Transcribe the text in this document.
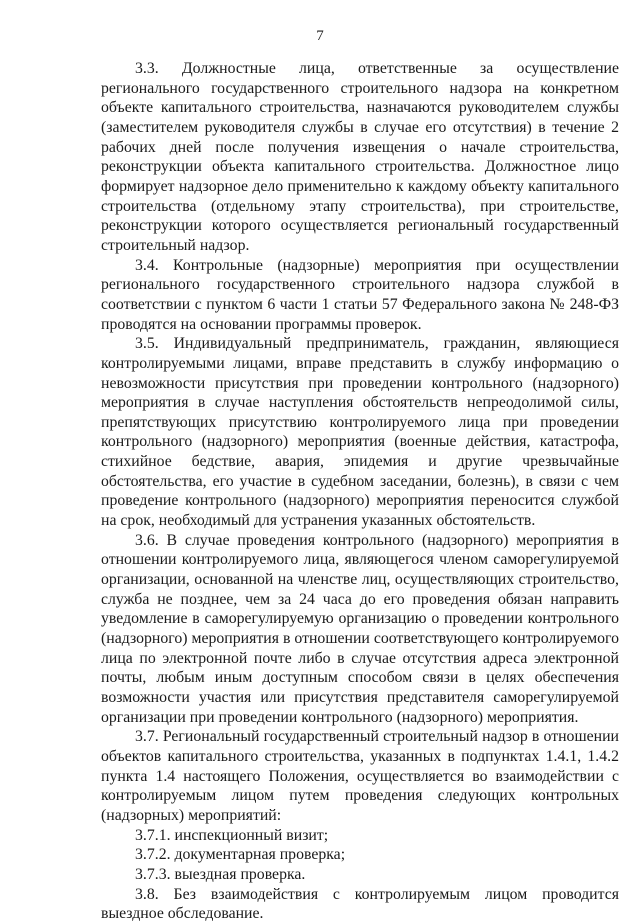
7

3.3. Должностные лица, ответственные за осуществление регионального государственного строительного надзора на конкретном объекте капитального строительства, назначаются руководителем службы (заместителем руководителя службы в случае его отсутствия) в течение 2 рабочих дней после получения извещения о начале строительства, реконструкции объекта капитального строительства. Должностное лицо формирует надзорное дело применительно к каждому объекту капитального строительства (отдельному этапу строительства), при строительстве, реконструкции которого осуществляется региональный государственный строительный надзор.

3.4. Контрольные (надзорные) мероприятия при осуществлении регионального государственного строительного надзора службой в соответствии с пунктом 6 части 1 статьи 57 Федерального закона № 248-ФЗ проводятся на основании программы проверок.

3.5. Индивидуальный предприниматель, гражданин, являющиеся контролируемыми лицами, вправе представить в службу информацию о невозможности присутствия при проведении контрольного (надзорного) мероприятия в случае наступления обстоятельств непреодолимой силы, препятствующих присутствию контролируемого лица при проведении контрольного (надзорного) мероприятия (военные действия, катастрофа, стихийное бедствие, авария, эпидемия и другие чрезвычайные обстоятельства, его участие в судебном заседании, болезнь), в связи с чем проведение контрольного (надзорного) мероприятия переносится службой на срок, необходимый для устранения указанных обстоятельств.

3.6. В случае проведения контрольного (надзорного) мероприятия в отношении контролируемого лица, являющегося членом саморегулируемой организации, основанной на членстве лиц, осуществляющих строительство, служба не позднее, чем за 24 часа до его проведения обязан направить уведомление в саморегулируемую организацию о проведении контрольного (надзорного) мероприятия в отношении соответствующего контролируемого лица по электронной почте либо в случае отсутствия адреса электронной почты, любым иным доступным способом связи в целях обеспечения возможности участия или присутствия представителя саморегулируемой организации при проведении контрольного (надзорного) мероприятия.

3.7. Региональный государственный строительный надзор в отношении объектов капитального строительства, указанных в подпунктах 1.4.1, 1.4.2 пункта 1.4 настоящего Положения, осуществляется во взаимодействии с контролируемым лицом путем проведения следующих контрольных (надзорных) мероприятий:

3.7.1. инспекционный визит;

3.7.2. документарная проверка;

3.7.3. выездная проверка.

3.8. Без взаимодействия с контролируемым лицом проводится выездное обследование.
